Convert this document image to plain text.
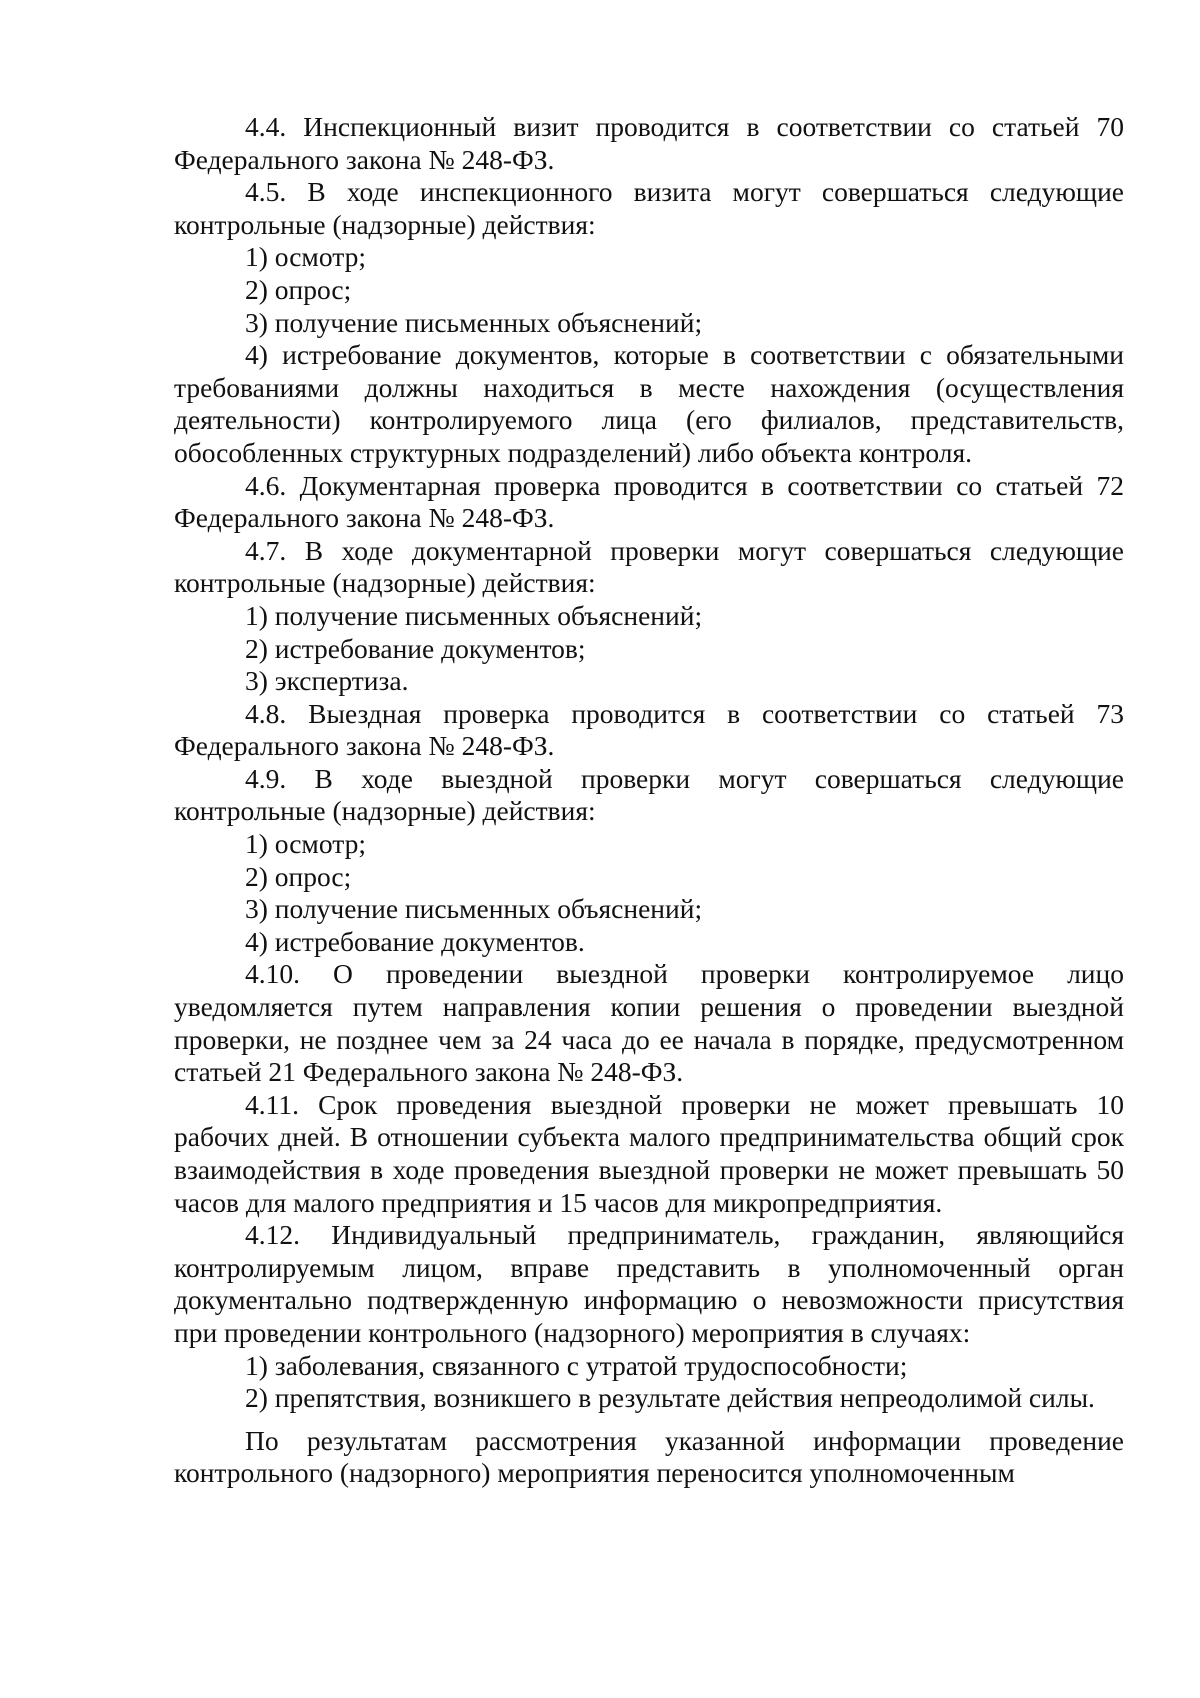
4.4. Инспекционный визит проводится в соответствии со статьей 70 Федерального закона № 248-ФЗ.

4.5. В ходе инспекционного визита могут совершаться следующие контрольные (надзорные) действия:

1) осмотр;

2) опрос;

3) получение письменных объяснений;

4) истребование документов, которые в соответствии с обязательными требованиями должны находиться в месте нахождения (осуществления деятельности) контролируемого лица (его филиалов, представительств, обособленных структурных подразделений) либо объекта контроля.

4.6. Документарная проверка проводится в соответствии со статьей 72 Федерального закона № 248-ФЗ.

4.7. В ходе документарной проверки могут совершаться следующие контрольные (надзорные) действия:

1) получение письменных объяснений;

2) истребование документов;

3) экспертиза.

4.8. Выездная проверка проводится в соответствии со статьей 73 Федерального закона № 248-ФЗ.

4.9. В ходе выездной проверки могут совершаться следующие контрольные (надзорные) действия:

1) осмотр;

2) опрос;

3) получение письменных объяснений;

4) истребование документов.

4.10. О проведении выездной проверки контролируемое лицо уведомляется путем направления копии решения о проведении выездной проверки, не позднее чем за 24 часа до ее начала в порядке, предусмотренном статьей 21 Федерального закона № 248-ФЗ.

4.11. Срок проведения выездной проверки не может превышать 10 рабочих дней. В отношении субъекта малого предпринимательства общий срок взаимодействия в ходе проведения выездной проверки не может превышать 50 часов для малого предприятия и 15 часов для микропредприятия.

4.12. Индивидуальный предприниматель, гражданин, являющийся контролируемым лицом, вправе представить в уполномоченный орган документально подтвержденную информацию о невозможности присутствия при проведении контрольного (надзорного) мероприятия в случаях:

1) заболевания, связанного с утратой трудоспособности;

2) препятствия, возникшего в результате действия непреодолимой силы.

По результатам рассмотрения указанной информации проведение контрольного (надзорного) мероприятия переносится уполномоченным
